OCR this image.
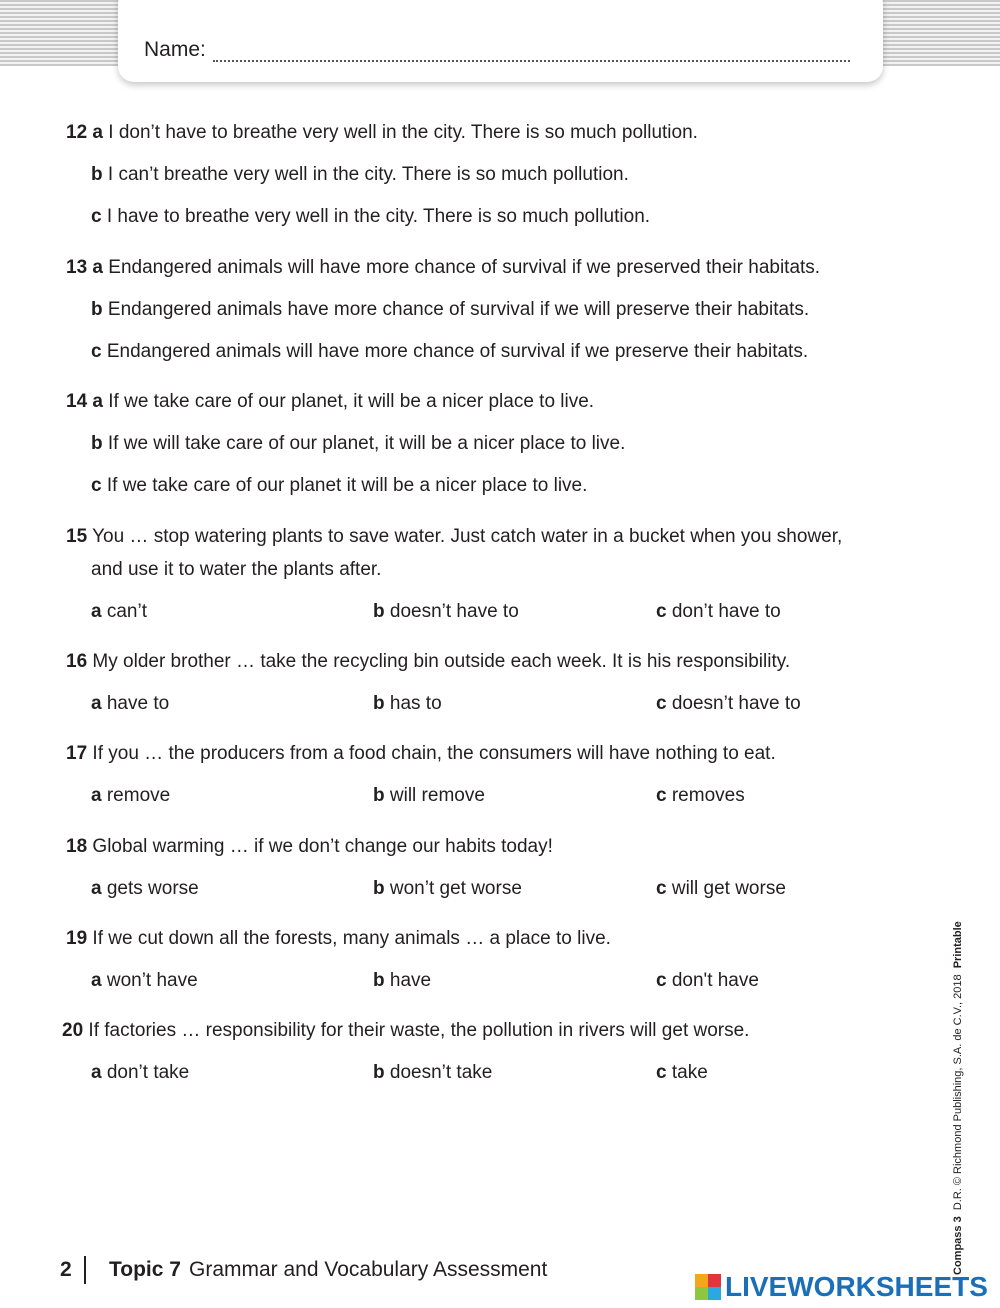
Name:
12 a I don’t have to breathe very well in the city. There is so much pollution.
b I can’t breathe very well in the city. There is so much pollution.
c I have to breathe very well in the city. There is so much pollution.
13 a Endangered animals will have more chance of survival if we preserved their habitats.
b Endangered animals have more chance of survival if we will preserve their habitats.
c Endangered animals will have more chance of survival if we preserve their habitats.
14 a If we take care of our planet, it will be a nicer place to live.
b If we will take care of our planet, it will be a nicer place to live.
c If we take care of our planet it will be a nicer place to live.
15 You … stop watering plants to save water. Just catch water in a bucket when you shower,
and use it to water the plants after.
a can’t	b doesn’t have to	c don’t have to
16 My older brother … take the recycling bin outside each week. It is his responsibility.
a have to	b has to	c doesn’t have to
17 If you … the producers from a food chain, the consumers will have nothing to eat.
a remove	b will remove	c removes
18 Global warming … if we don’t change our habits today!
a gets worse	b won’t get worse	c will get worse
19 If we cut down all the forests, many animals … a place to live.
a won’t have	b have	c don't have
20 If factories … responsibility for their waste, the pollution in rivers will get worse.
a don’t take	b doesn’t take	c take
2 Topic 7 Grammar and Vocabulary Assessment	Compass 3  D.R. © Richmond Publishing, S.A. de C.V., 2018  Printable
LIVEWORKSHEETS
